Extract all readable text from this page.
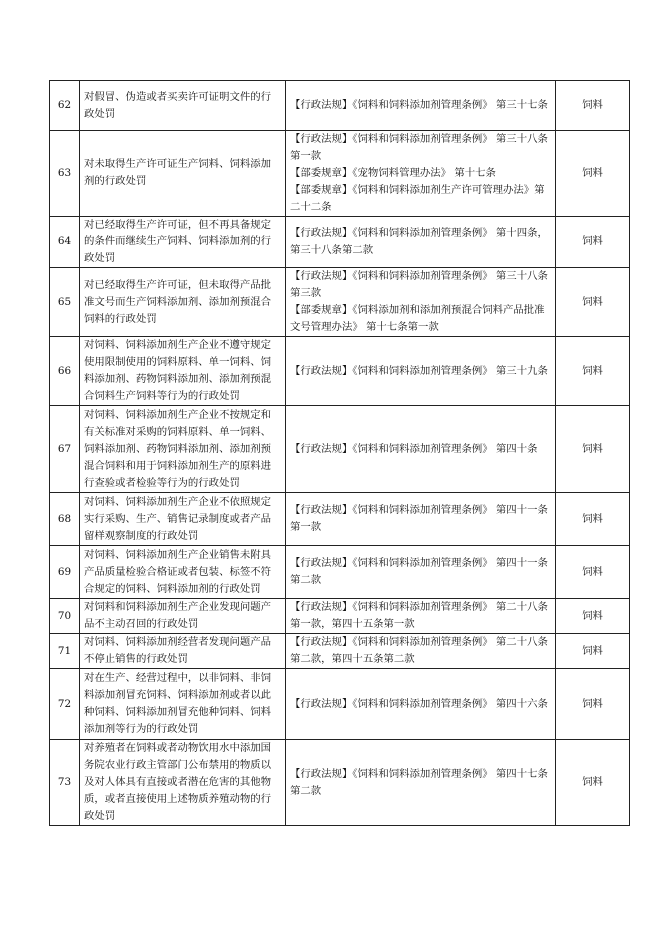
62	对假冒、伪造或者买卖许可证明文件的行政处罚	【行政法规】《饲料和饲料添加剂管理条例》 第三十七条	饲料
63	对未取得生产许可证生产饲料、饲料添加剂的行政处罚	【行政法规】《饲料和饲料添加剂管理条例》 第三十八条第一款
【部委规章】《宠物饲料管理办法》 第十七条
【部委规章】《饲料和饲料添加剂生产许可管理办法》第二十二条	饲料
64	对已经取得生产许可证，但不再具备规定的条件而继续生产饲料、饲料添加剂的行政处罚	【行政法规】《饲料和饲料添加剂管理条例》 第十四条，第三十八条第二款	饲料
65	对已经取得生产许可证，但未取得产品批准文号而生产饲料添加剂、添加剂预混合饲料的行政处罚	【行政法规】《饲料和饲料添加剂管理条例》 第三十八条第三款
【部委规章】《饲料添加剂和添加剂预混合饲料产品批准文号管理办法》 第十七条第一款	饲料
66	对饲料、饲料添加剂生产企业不遵守规定使用限制使用的饲料原料、单一饲料、饲料添加剂、药物饲料添加剂、添加剂预混合饲料生产饲料等行为的行政处罚	【行政法规】《饲料和饲料添加剂管理条例》 第三十九条	饲料
67	对饲料、饲料添加剂生产企业不按规定和有关标准对采购的饲料原料、单一饲料、饲料添加剂、药物饲料添加剂、添加剂预混合饲料和用于饲料添加剂生产的原料进行查验或者检验等行为的行政处罚	【行政法规】《饲料和饲料添加剂管理条例》 第四十条	饲料
68	对饲料、饲料添加剂生产企业不依照规定实行采购、生产、销售记录制度或者产品留样观察制度的行政处罚	【行政法规】《饲料和饲料添加剂管理条例》 第四十一条第一款	饲料
69	对饲料、饲料添加剂生产企业销售未附具产品质量检验合格证或者包装、标签不符合规定的饲料、饲料添加剂的行政处罚	【行政法规】《饲料和饲料添加剂管理条例》 第四十一条第二款	饲料
70	对饲料和饲料添加剂生产企业发现问题产品不主动召回的行政处罚	【行政法规】《饲料和饲料添加剂管理条例》 第二十八条第一款，第四十五条第一款	饲料
71	对饲料、饲料添加剂经营者发现问题产品不停止销售的行政处罚	【行政法规】《饲料和饲料添加剂管理条例》 第二十八条第二款，第四十五条第二款	饲料
72	对在生产、经营过程中，以非饲料、非饲料添加剂冒充饲料、饲料添加剂或者以此种饲料、饲料添加剂冒充他种饲料、饲料添加剂等行为的行政处罚	【行政法规】《饲料和饲料添加剂管理条例》 第四十六条	饲料
73	对养殖者在饲料或者动物饮用水中添加国务院农业行政主管部门公布禁用的物质以及对人体具有直接或者潜在危害的其他物质，或者直接使用上述物质养殖动物的行政处罚	【行政法规】《饲料和饲料添加剂管理条例》 第四十七条第二款	饲料
